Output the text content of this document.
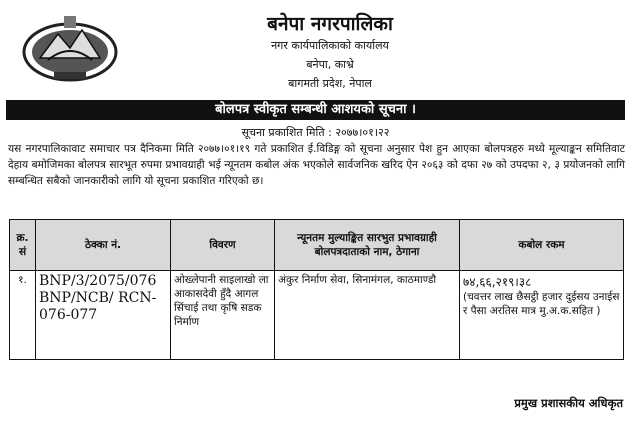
बनेपा नगरपालिका
नगर कार्यपालिकाको कार्यालय
बनेपा, काभ्रे
बागमती प्रदेश, नेपाल
बोलपत्र स्वीकृत सम्बन्धी आशयको सूचना ।
सूचना प्रकाशित मिति : २०७७।०१।२२
यस नगरपालिकावाट समाचार पत्र दैनिकमा मिति २०७७।०१।१९ गते प्रकाशित ई.विडिङ्ग को सूचना अनुसार पेश हुन आएका बोलपत्रहरु मध्ये मूल्याङ्कन समितिवाट देहाय बमोजिमका बोलपत्र सारभूत रुपमा प्रभावग्राही भई न्यूनतम कबोल अंक भएकोले सार्वजनिक खरिद ऐन २०६३ को दफा २७ को उपदफा २, ३ प्रयोजनको लागि सम्बन्धित सबैको जानकारीको लागि यो सूचना प्रकाशित गरिएको छ।
क्र. सं	ठेक्का नं.	विवरण	न्यूनतम मुल्याङ्कित सारभुत प्रभावग्राही बोलपत्रदाताको नाम, ठेगाना	कबोल रकम
१.	BNP/3/2075/076 BNP/NCB/ RCN-076-077	ओख्लेपानी साइलाखो ला आकासदेवी हुँदै आगल सिंचाई तथा कृषि सडक निर्माण	अंकुर निर्माण सेवा, सिनामंगल, काठमाण्डौ	७४,६६,२१९।३८
(चवत्तर लाख छैसट्ठी हजार दुईसय उनाईस र पैसा अरतिस मात्र मु.अ.क.सहित )
प्रमुख प्रशासकीय अधिकृत
